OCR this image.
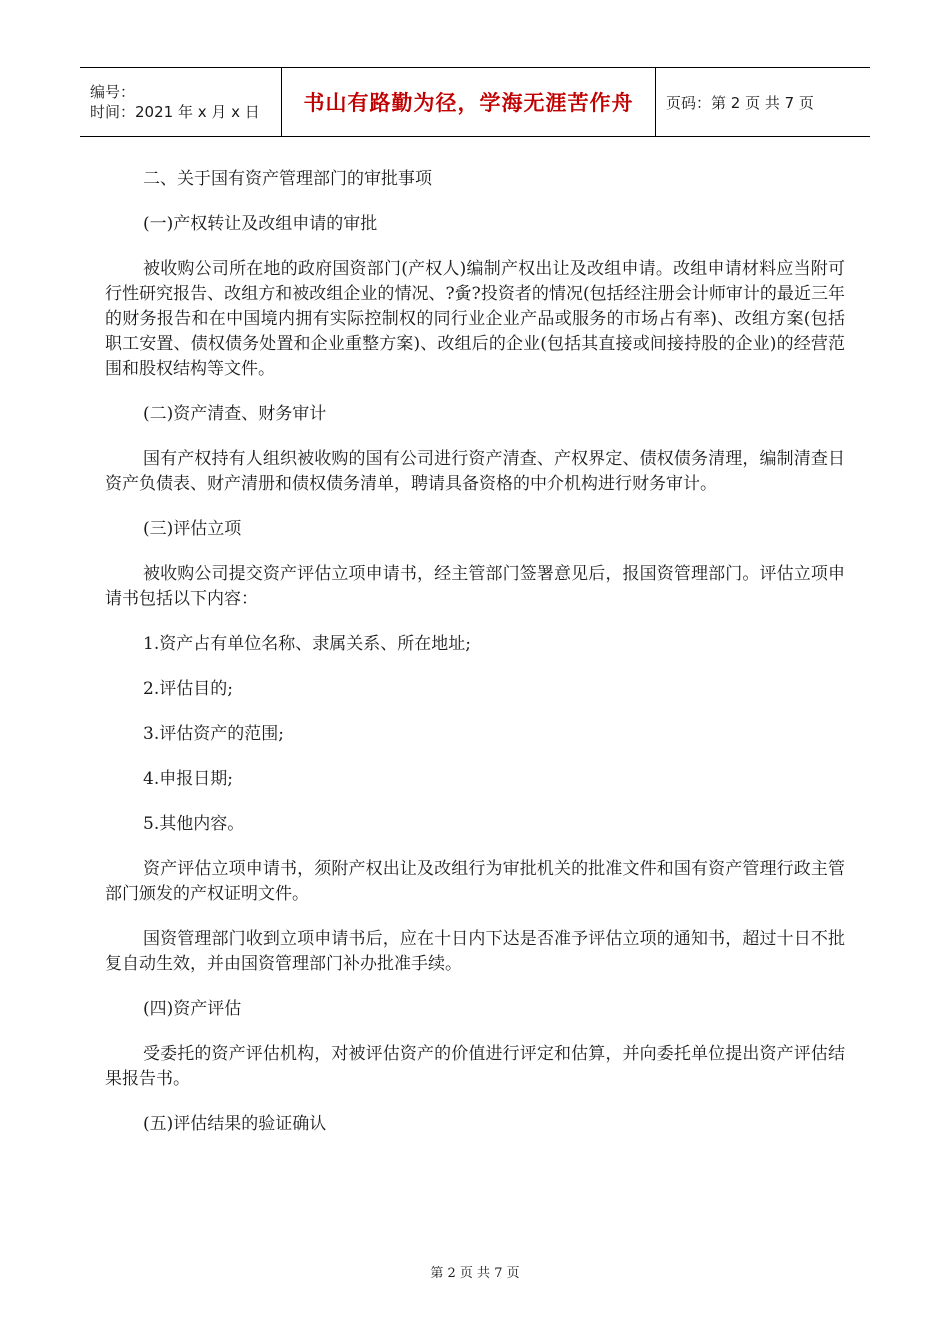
编号：
时间：2021 年 x 月 x 日	书山有路勤为径，学海无涯苦作舟	页码：第 2 页 共 7 页

二、关于国有资产管理部门的审批事项

(一)产权转让及改组申请的审批

被收购公司所在地的政府国资部门(产权人)编制产权出让及改组申请。改组申请材料应当附可行性研究报告、改组方和被改组企业的情况、?夤?投资者的情况(包括经注册会计师审计的最近三年的财务报告和在中国境内拥有实际控制权的同行业企业产品或服务的市场占有率)、改组方案(包括职工安置、债权债务处置和企业重整方案)、改组后的企业(包括其直接或间接持股的企业)的经营范围和股权结构等文件。

(二)资产清查、财务审计

国有产权持有人组织被收购的国有公司进行资产清查、产权界定、债权债务清理，编制清查日资产负债表、财产清册和债权债务清单，聘请具备资格的中介机构进行财务审计。

(三)评估立项

被收购公司提交资产评估立项申请书，经主管部门签署意见后，报国资管理部门。评估立项申请书包括以下内容：

1.资产占有单位名称、隶属关系、所在地址;

2.评估目的;

3.评估资产的范围;

4.申报日期;

5.其他内容。

资产评估立项申请书，须附产权出让及改组行为审批机关的批准文件和国有资产管理行政主管部门颁发的产权证明文件。

国资管理部门收到立项申请书后，应在十日内下达是否准予评估立项的通知书，超过十日不批复自动生效，并由国资管理部门补办批准手续。

(四)资产评估

受委托的资产评估机构，对被评估资产的价值进行评定和估算，并向委托单位提出资产评估结果报告书。

(五)评估结果的验证确认

第 2 页 共 7 页
